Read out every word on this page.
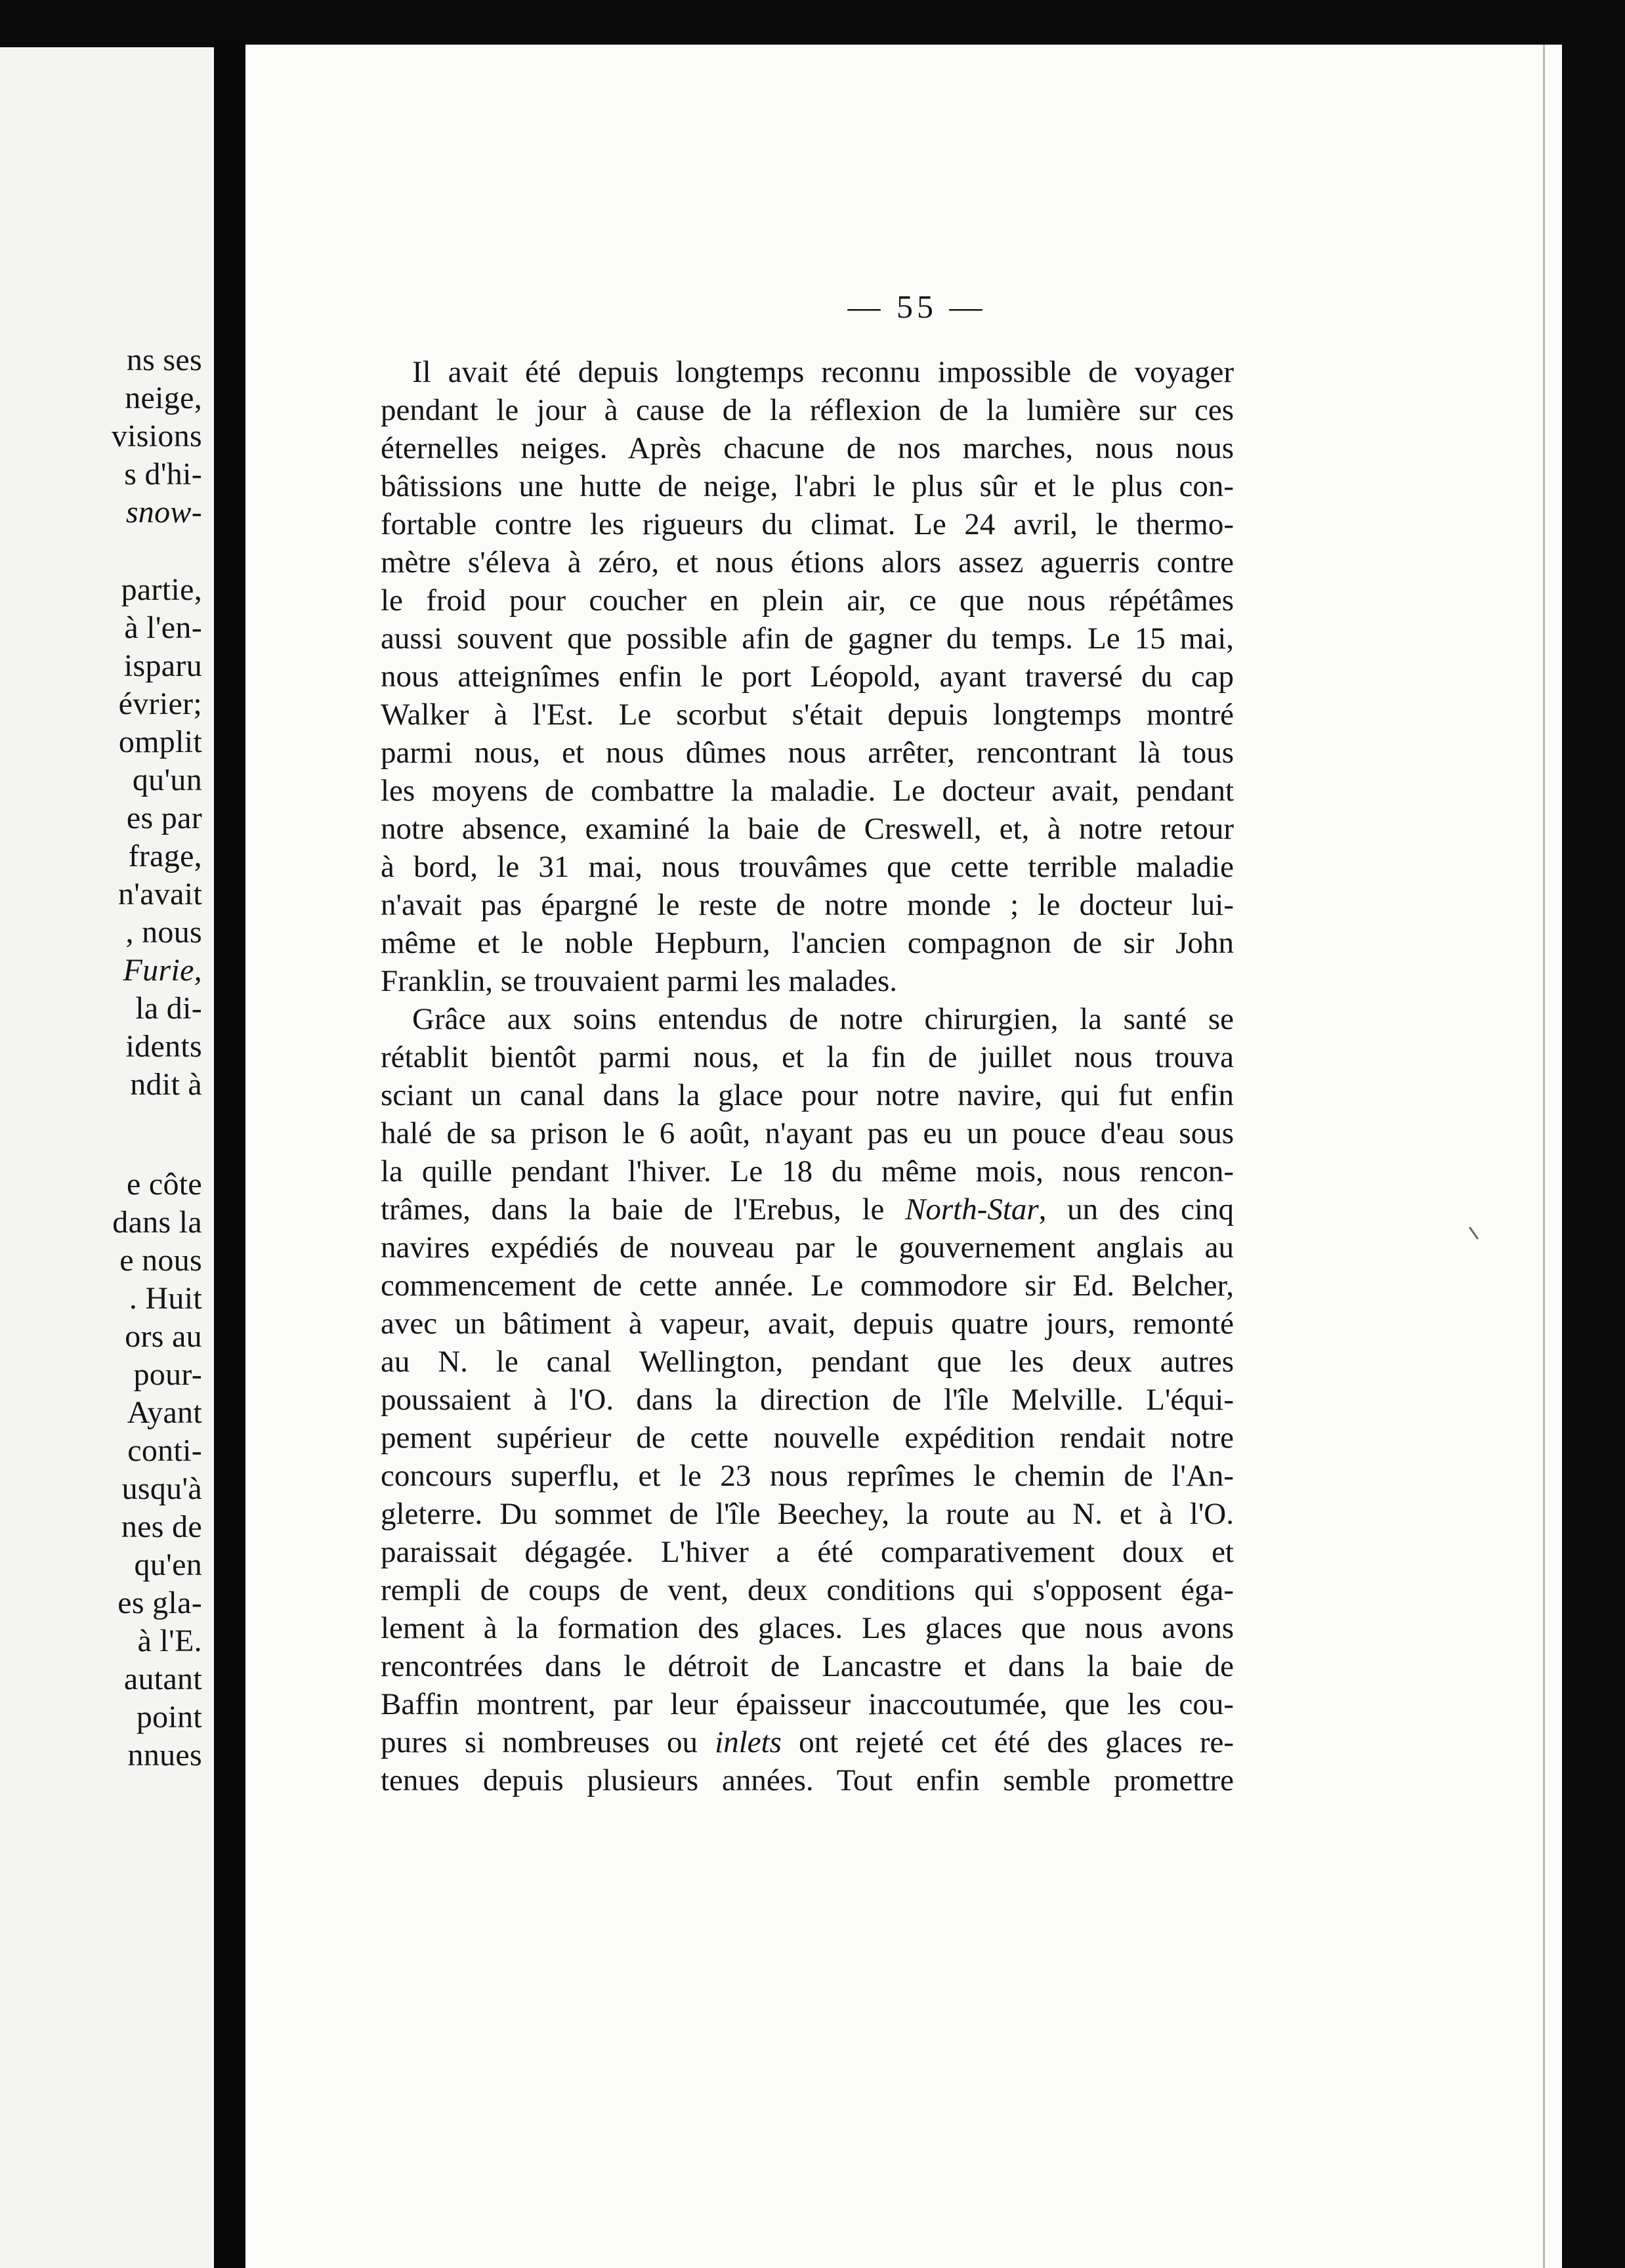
ns ses

neige,

visions

s d'hi-

snow-

partie,

à l'en-

isparu

évrier;

omplit

qu'un

es par

frage,

n'avait

, nous

Furie,

la di-

idents

ndit à

e côte

dans la

e nous

. Huit

ors au

pour-

Ayant

conti-

usqu'à

nes de

qu'en

es gla-

à l'E.

autant

point

nnues

— 55 —

Il avait été depuis longtemps reconnu impossible de voyager
pendant le jour à cause de la réflexion de la lumière sur ces
éternelles neiges. Après chacune de nos marches, nous nous
bâtissions une hutte de neige, l'abri le plus sûr et le plus con-
fortable contre les rigueurs du climat. Le 24 avril, le thermo-
mètre s'éleva à zéro, et nous étions alors assez aguerris contre
le froid pour coucher en plein air, ce que nous répétâmes
aussi souvent que possible afin de gagner du temps. Le 15 mai,
nous atteignîmes enfin le port Léopold, ayant traversé du cap
Walker à l'Est. Le scorbut s'était depuis longtemps montré
parmi nous, et nous dûmes nous arrêter, rencontrant là tous
les moyens de combattre la maladie. Le docteur avait, pendant
notre absence, examiné la baie de Creswell, et, à notre retour
à bord, le 31 mai, nous trouvâmes que cette terrible maladie
n'avait pas épargné le reste de notre monde ; le docteur lui-
même et le noble Hepburn, l'ancien compagnon de sir John
Franklin, se trouvaient parmi les malades.

Grâce aux soins entendus de notre chirurgien, la santé se
rétablit bientôt parmi nous, et la fin de juillet nous trouva
sciant un canal dans la glace pour notre navire, qui fut enfin
halé de sa prison le 6 août, n'ayant pas eu un pouce d'eau sous
la quille pendant l'hiver. Le 18 du même mois, nous rencon-
trâmes, dans la baie de l'Erebus, le North-Star, un des cinq
navires expédiés de nouveau par le gouvernement anglais au
commencement de cette année. Le commodore sir Ed. Belcher,
avec un bâtiment à vapeur, avait, depuis quatre jours, remonté
au N. le canal Wellington, pendant que les deux autres
poussaient à l'O. dans la direction de l'île Melville. L'équi-
pement supérieur de cette nouvelle expédition rendait notre
concours superflu, et le 23 nous reprîmes le chemin de l'An-
gleterre. Du sommet de l'île Beechey, la route au N. et à l'O.
paraissait dégagée. L'hiver a été comparativement doux et
rempli de coups de vent, deux conditions qui s'opposent éga-
lement à la formation des glaces. Les glaces que nous avons
rencontrées dans le détroit de Lancastre et dans la baie de
Baffin montrent, par leur épaisseur inaccoutumée, que les cou-
pures si nombreuses ou inlets ont rejeté cet été des glaces re-
tenues depuis plusieurs années. Tout enfin semble promettre
